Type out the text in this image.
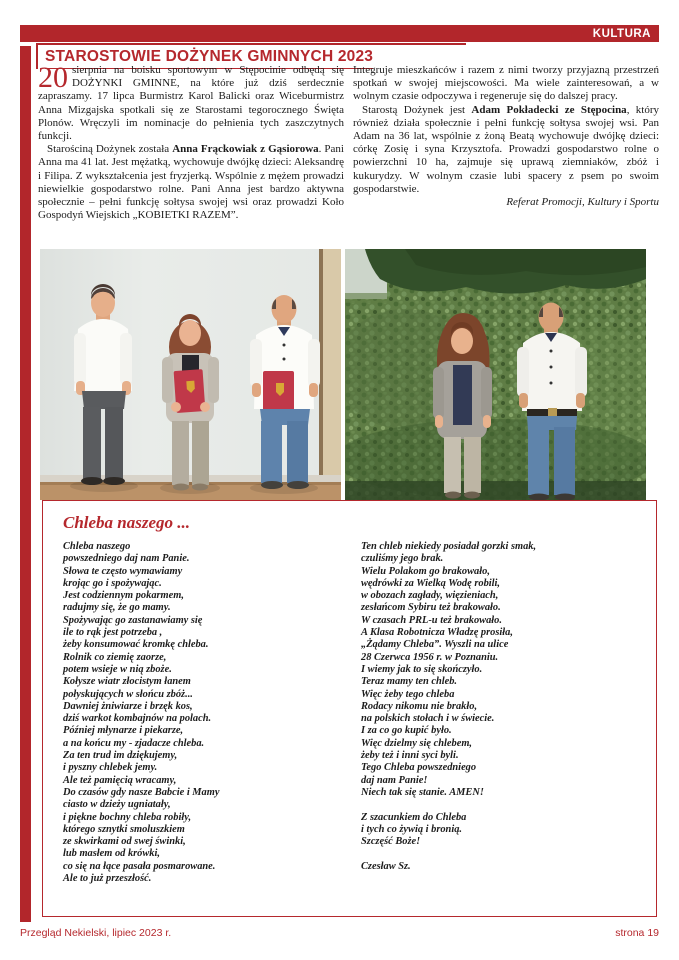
KULTURA
STAROSTOWIE DOŻYNEK GMINNYCH 2023

20 sierpnia na boisku sportowym w Stępocinie odbędą się DOŻYNKI GMINNE, na które już dziś serdecznie zapraszamy. 17 lipca Burmistrz Karol Balicki oraz Wiceburmistrz Anna Mizgajska spotkali się ze Starostami tegorocznego Święta Plonów. Wręczyli im nominacje do pełnienia tych zaszczytnych funkcji.

Starościną Dożynek została Anna Frąckowiak z Gąsiorowa. Pani Anna ma 41 lat. Jest mężatką, wychowuje dwójkę dzieci: Aleksandrę i Filipa. Z wykształcenia jest fryzjerką. Wspólnie z mężem prowadzi niewielkie gospodarstwo rolne. Pani Anna jest bardzo aktywna społecznie – pełni funkcję sołtysa swojej wsi oraz prowadzi Koło Gospodyń Wiejskich „KOBIETKI RAZEM”.

Integruje mieszkańców i razem z nimi tworzy przyjazną przestrzeń spotkań w swojej miejscowości. Ma wiele zainteresowań, a w wolnym czasie odpoczywa i regeneruje się do dalszej pracy.

Starostą Dożynek jest Adam Pokładecki ze Stępocina, który również działa społecznie i pełni funkcję sołtysa swojej wsi. Pan Adam na 36 lat, wspólnie z żoną Beatą wychowuje dwójkę dzieci: córkę Zosię i syna Krzysztofa. Prowadzi gospodarstwo rolne o powierzchni 10 ha, zajmuje się uprawą ziemniaków, zbóż i kukurydzy. W wolnym czasie lubi spacery z psem po swoim gospodarstwie.

Referat Promocji, Kultury i Sportu

Chleba naszego ...

Chleba naszego
powszedniego daj nam Panie.
Słowa te często wymawiamy
krojąc go i spożywając.
Jest codziennym pokarmem,
radujmy się, że go mamy.
Spożywając go zastanawiamy się
ile to rąk jest potrzeba ,
żeby konsumować kromkę chleba.
Rolnik co ziemię zaorze,
potem wsieje w nią zboże.
Kołysze wiatr złocistym łanem
połyskujących w słońcu zbóż...
Dawniej żniwiarze i brzęk kos,
dziś warkot kombajnów na polach.
Później młynarze i piekarze,
a na końcu my - zjadacze chleba.
Za ten trud im dziękujemy,
i pyszny chlebek jemy.
Ale też pamięcią wracamy,
Do czasów gdy nasze Babcie i Mamy
ciasto w dzieży ugniatały,
i piękne bochny chleba robiły,
którego sznytki smoluszkiem
ze skwirkami od swej świnki,
lub masłem od krówki,
co się na łące pasała posmarowane.
Ale to już przeszłość.
Ten chleb niekiedy posiadał gorzki smak,
czuliśmy jego brak.
Wielu Polakom go brakowało,
wędrówki za Wielką Wodę robili,
w obozach zagłady, więzieniach,
zesłańcom Sybiru też brakowało.
W czasach PRL-u też brakowało.
A Klasa Robotnicza Władzę prosiła,
„Żądamy Chleba”. Wyszli na ulice
28 Czerwca 1956 r. w Poznaniu.
I wiemy jak to się skończyło.
Teraz mamy ten chleb.
Więc żeby tego chleba
Rodacy nikomu nie brakło,
na polskich stołach i w świecie.
I za co go kupić było.
Więc dzielmy się chlebem,
żeby też i inni syci byli.
Tego Chleba powszedniego
daj nam Panie!
Niech tak się stanie. AMEN!

Z szacunkiem do Chleba
i tych co żywią i bronią.
Szczęść Boże!

Czesław Sz.
Przegląd Nekielski, lipiec 2023 r.	strona 19
